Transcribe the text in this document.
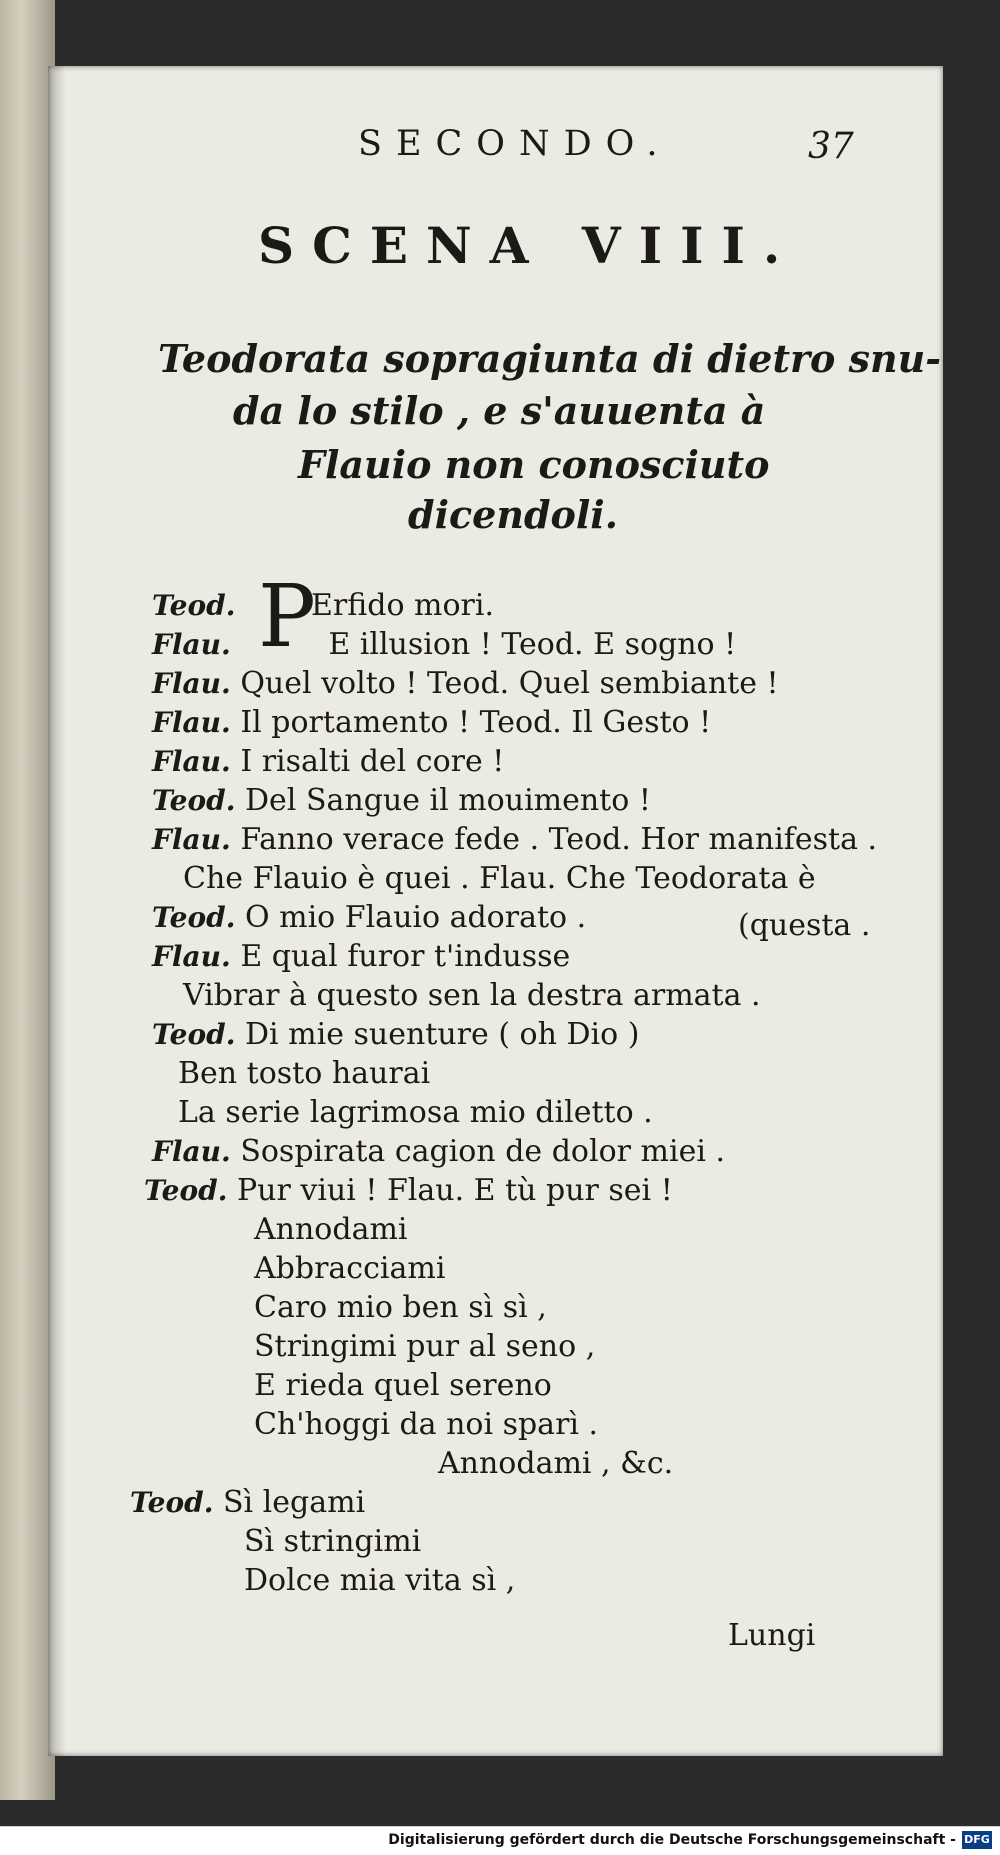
SECONDO.	37
SCENA VIII.
Teodorata sopragiunta di dietro snu-
da lo stilo , e s'auuenta à
Flauio non conosciuto
dicendoli.
P
Teod.	Erfido mori.
Flau.	E illusion ! Teod. E sogno !
Flau. Quel volto ! Teod. Quel sembiante !
Flau. Il portamento ! Teod. Il Gesto !
Flau. I risalti del core !
Teod. Del Sangue il mouimento !
Flau. Fanno verace fede . Teod. Hor manifesta .
Che Flauio è quei . Flau. Che Teodorata è
Teod. O mio Flauio adorato .	(questa .
Flau. E qual furor t'indusse
Vibrar à questo sen la destra armata .
Teod. Di mie suenture ( oh Dio )
Ben tosto haurai
La serie lagrimosa mio diletto .
Flau. Sospirata cagion de dolor miei .
Teod. Pur viui ! Flau. E tù pur sei !
Annodami
Abbracciami
Caro mio ben sì sì ,
Stringimi pur al seno ,
E rieda quel sereno
Ch'hoggi da noi sparì .
Annodami , &c.
Teod. Sì legami
Sì stringimi
Dolce mia vita sì ,
Lungi
Digitalisierung gefördert durch die Deutsche Forschungsgemeinschaft - DFG
